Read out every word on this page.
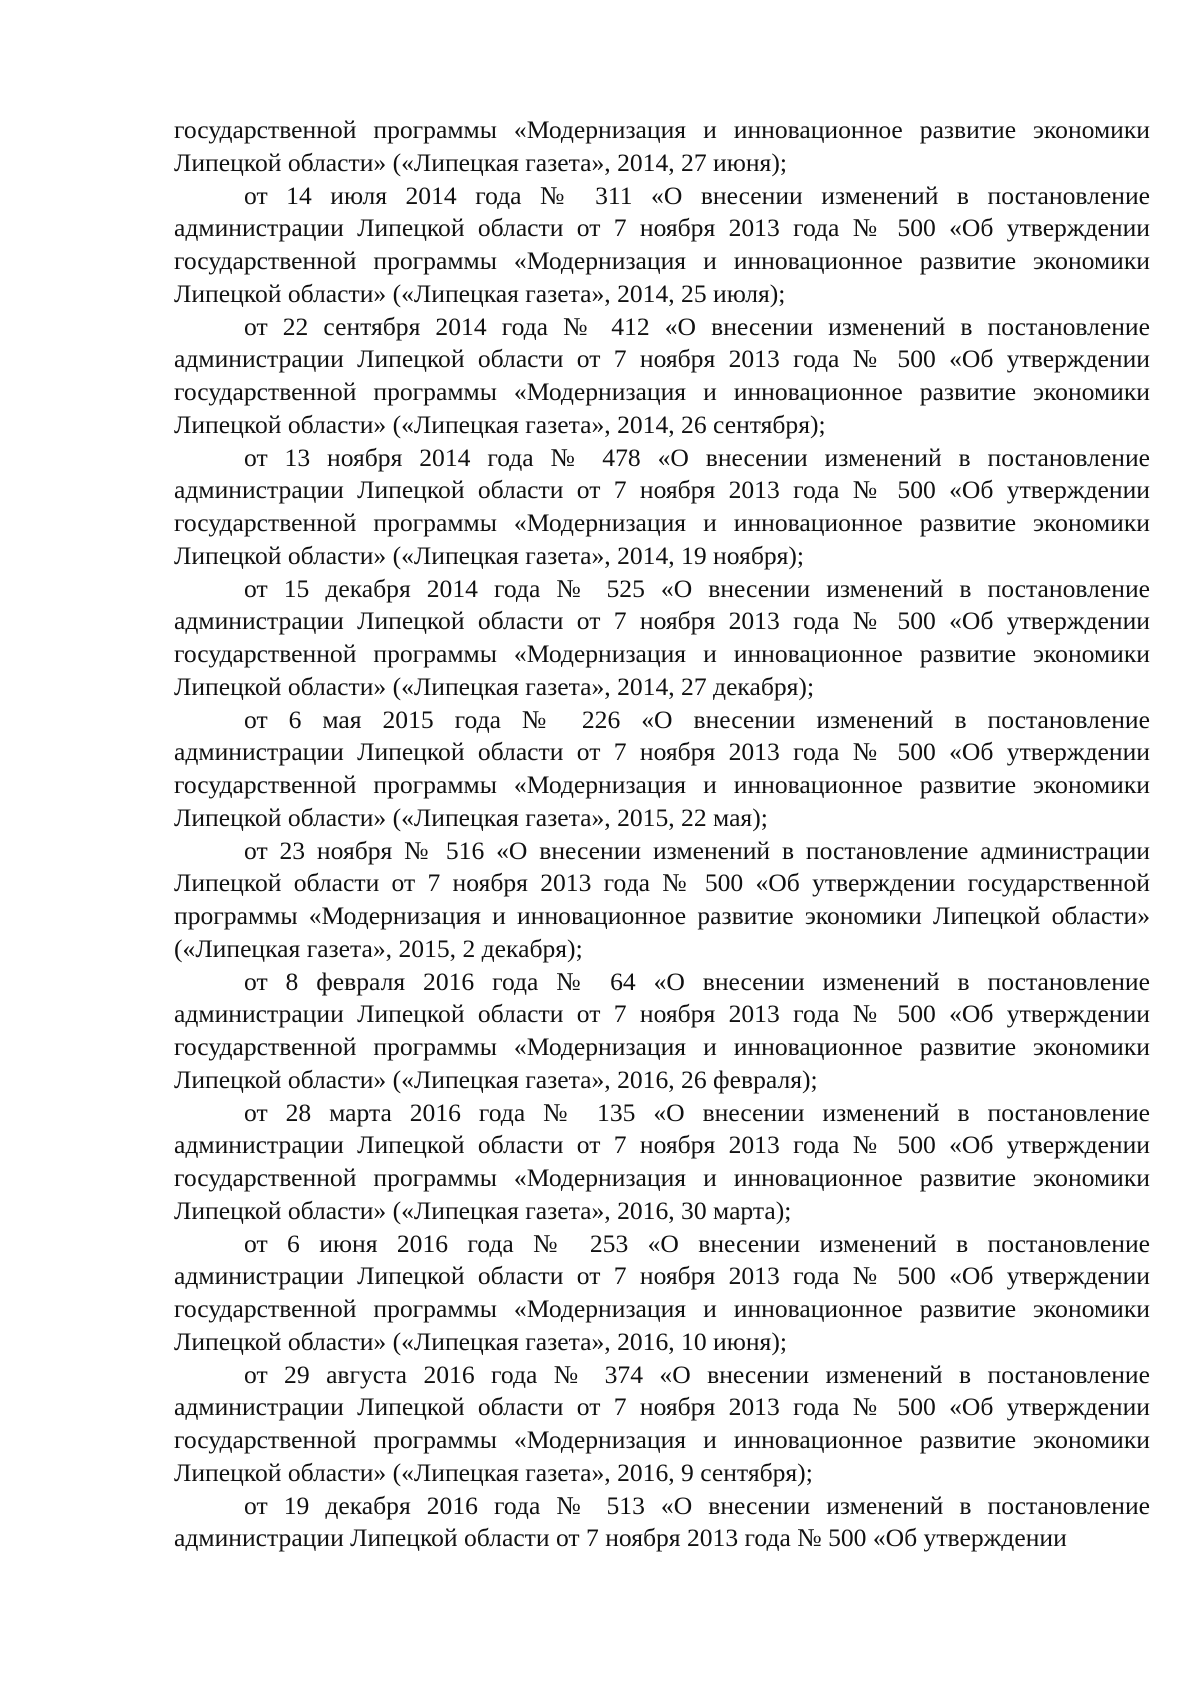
государственной программы «Модернизация и инновационное развитие экономики Липецкой области» («Липецкая газета», 2014, 27 июня);

от 14 июля 2014 года № 311 «О внесении изменений в постановление администрации Липецкой области от 7 ноября 2013 года № 500 «Об утверждении государственной программы «Модернизация и инновационное развитие экономики Липецкой области» («Липецкая газета», 2014, 25 июля);

от 22 сентября 2014 года № 412 «О внесении изменений в постановление администрации Липецкой области от 7 ноября 2013 года № 500 «Об утверждении государственной программы «Модернизация и инновационное развитие экономики Липецкой области» («Липецкая газета», 2014, 26 сентября);

от 13 ноября 2014 года № 478 «О внесении изменений в постановление администрации Липецкой области от 7 ноября 2013 года № 500 «Об утверждении государственной программы «Модернизация и инновационное развитие экономики Липецкой области» («Липецкая газета», 2014, 19 ноября);

от 15 декабря 2014 года № 525 «О внесении изменений в постановление администрации Липецкой области от 7 ноября 2013 года № 500 «Об утверждении государственной программы «Модернизация и инновационное развитие экономики Липецкой области» («Липецкая газета», 2014, 27 декабря);

от 6 мая 2015 года № 226 «О внесении изменений в постановление администрации Липецкой области от 7 ноября 2013 года № 500 «Об утверждении государственной программы «Модернизация и инновационное развитие экономики Липецкой области» («Липецкая газета», 2015, 22 мая);

от 23 ноября № 516 «О внесении изменений в постановление администрации Липецкой области от 7 ноября 2013 года № 500 «Об утверждении государственной программы «Модернизация и инновационное развитие экономики Липецкой области» («Липецкая газета», 2015, 2 декабря);

от 8 февраля 2016 года № 64 «О внесении изменений в постановление администрации Липецкой области от 7 ноября 2013 года № 500 «Об утверждении государственной программы «Модернизация и инновационное развитие экономики Липецкой области» («Липецкая газета», 2016, 26 февраля);

от 28 марта 2016 года № 135 «О внесении изменений в постановление администрации Липецкой области от 7 ноября 2013 года № 500 «Об утверждении государственной программы «Модернизация и инновационное развитие экономики Липецкой области» («Липецкая газета», 2016, 30 марта);

от 6 июня 2016 года № 253 «О внесении изменений в постановление администрации Липецкой области от 7 ноября 2013 года № 500 «Об утверждении государственной программы «Модернизация и инновационное развитие экономики Липецкой области» («Липецкая газета», 2016, 10 июня);

от 29 августа 2016 года № 374 «О внесении изменений в постановление администрации Липецкой области от 7 ноября 2013 года № 500 «Об утверждении государственной программы «Модернизация и инновационное развитие экономики Липецкой области» («Липецкая газета», 2016, 9 сентября);

от 19 декабря 2016 года № 513 «О внесении изменений в постановление администрации Липецкой области от 7 ноября 2013 года № 500 «Об утверждении
